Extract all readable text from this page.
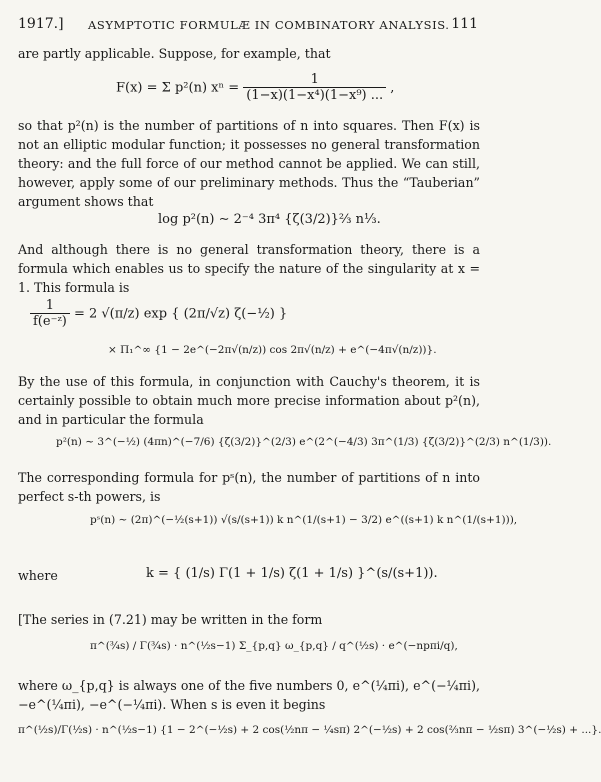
1917.] ASYMPTOTIC FORMULÆ IN COMBINATORY ANALYSIS. 111
are partly applicable. Suppose, for example, that
F(x) = Σ p²(n) $x^n = \frac{1}{\text{(1−x)(1−x⁴)(1−x⁹) ...}}$ ,
so that p²(n) is the number of partitions of n into squares. Then F(x) is not an elliptic modular function; it possesses no general transformation theory: and the full force of our method cannot be applied. We can still, however, apply some of our preliminary methods. Thus the “Tauberian” argument shows that
log p²(n) ∼ 2⁻⁴ 3π⁴ {ζ(3/2)}⅔ n⅓.
And although there is no general transformation theory, there is a formula which enables us to specify the nature of the singularity at x = 1. This formula is
$\frac{1}{\text{f(e⁻ᶻ)}} = 2$ √(π/z) exp { (2π/√z) ζ(−½) }
× Π₁^∞ {1 − 2e^(−2π√(n/z)) cos 2π√(n/z) + e^(−4π√(n/z))}.
By the use of this formula, in conjunction with Cauchy's theorem, it is certainly possible to obtain much more precise information about p²(n), and in particular the formula
p²(n) ∼ 3^(−½) (4πn)^(−7/6) {ζ(3/2)}^(2/3) e^(2^(−4/3) 3π^(1/3) {ζ(3/2)}^(2/3) n^(1/3)).
The corresponding formula for pˢ(n), the number of partitions of n into perfect s-th powers, is
pˢ(n) ∼ (2π)^(−½(s+1)) √(s/(s+1)) k n^(1/(s+1) − 3/2) e^((s+1) k n^(1/(s+1))),
where	k = { (1/s) Γ(1 + 1/s) ζ(1 + 1/s) }^(s/(s+1)).
[The series in (7.21) may be written in the form
π^(¾s) / Γ(¾s) · n^(½s−1) Σ_{p,q} ω_{p,q} / q^(½s) · e^(−npπi/q),
where ω_{p,q} is always one of the five numbers 0, e^(¼πi), e^(−¼πi), −e^(¼πi), −e^(−¼πi). When s is even it begins
π^(½s)/Γ(½s) · n^(½s−1) {1 − 2^(−½s) + 2 cos(½nπ − ¼sπ) 2^(−½s) + 2 cos(⅔nπ − ½sπ) 3^(−½s) + ...}.
